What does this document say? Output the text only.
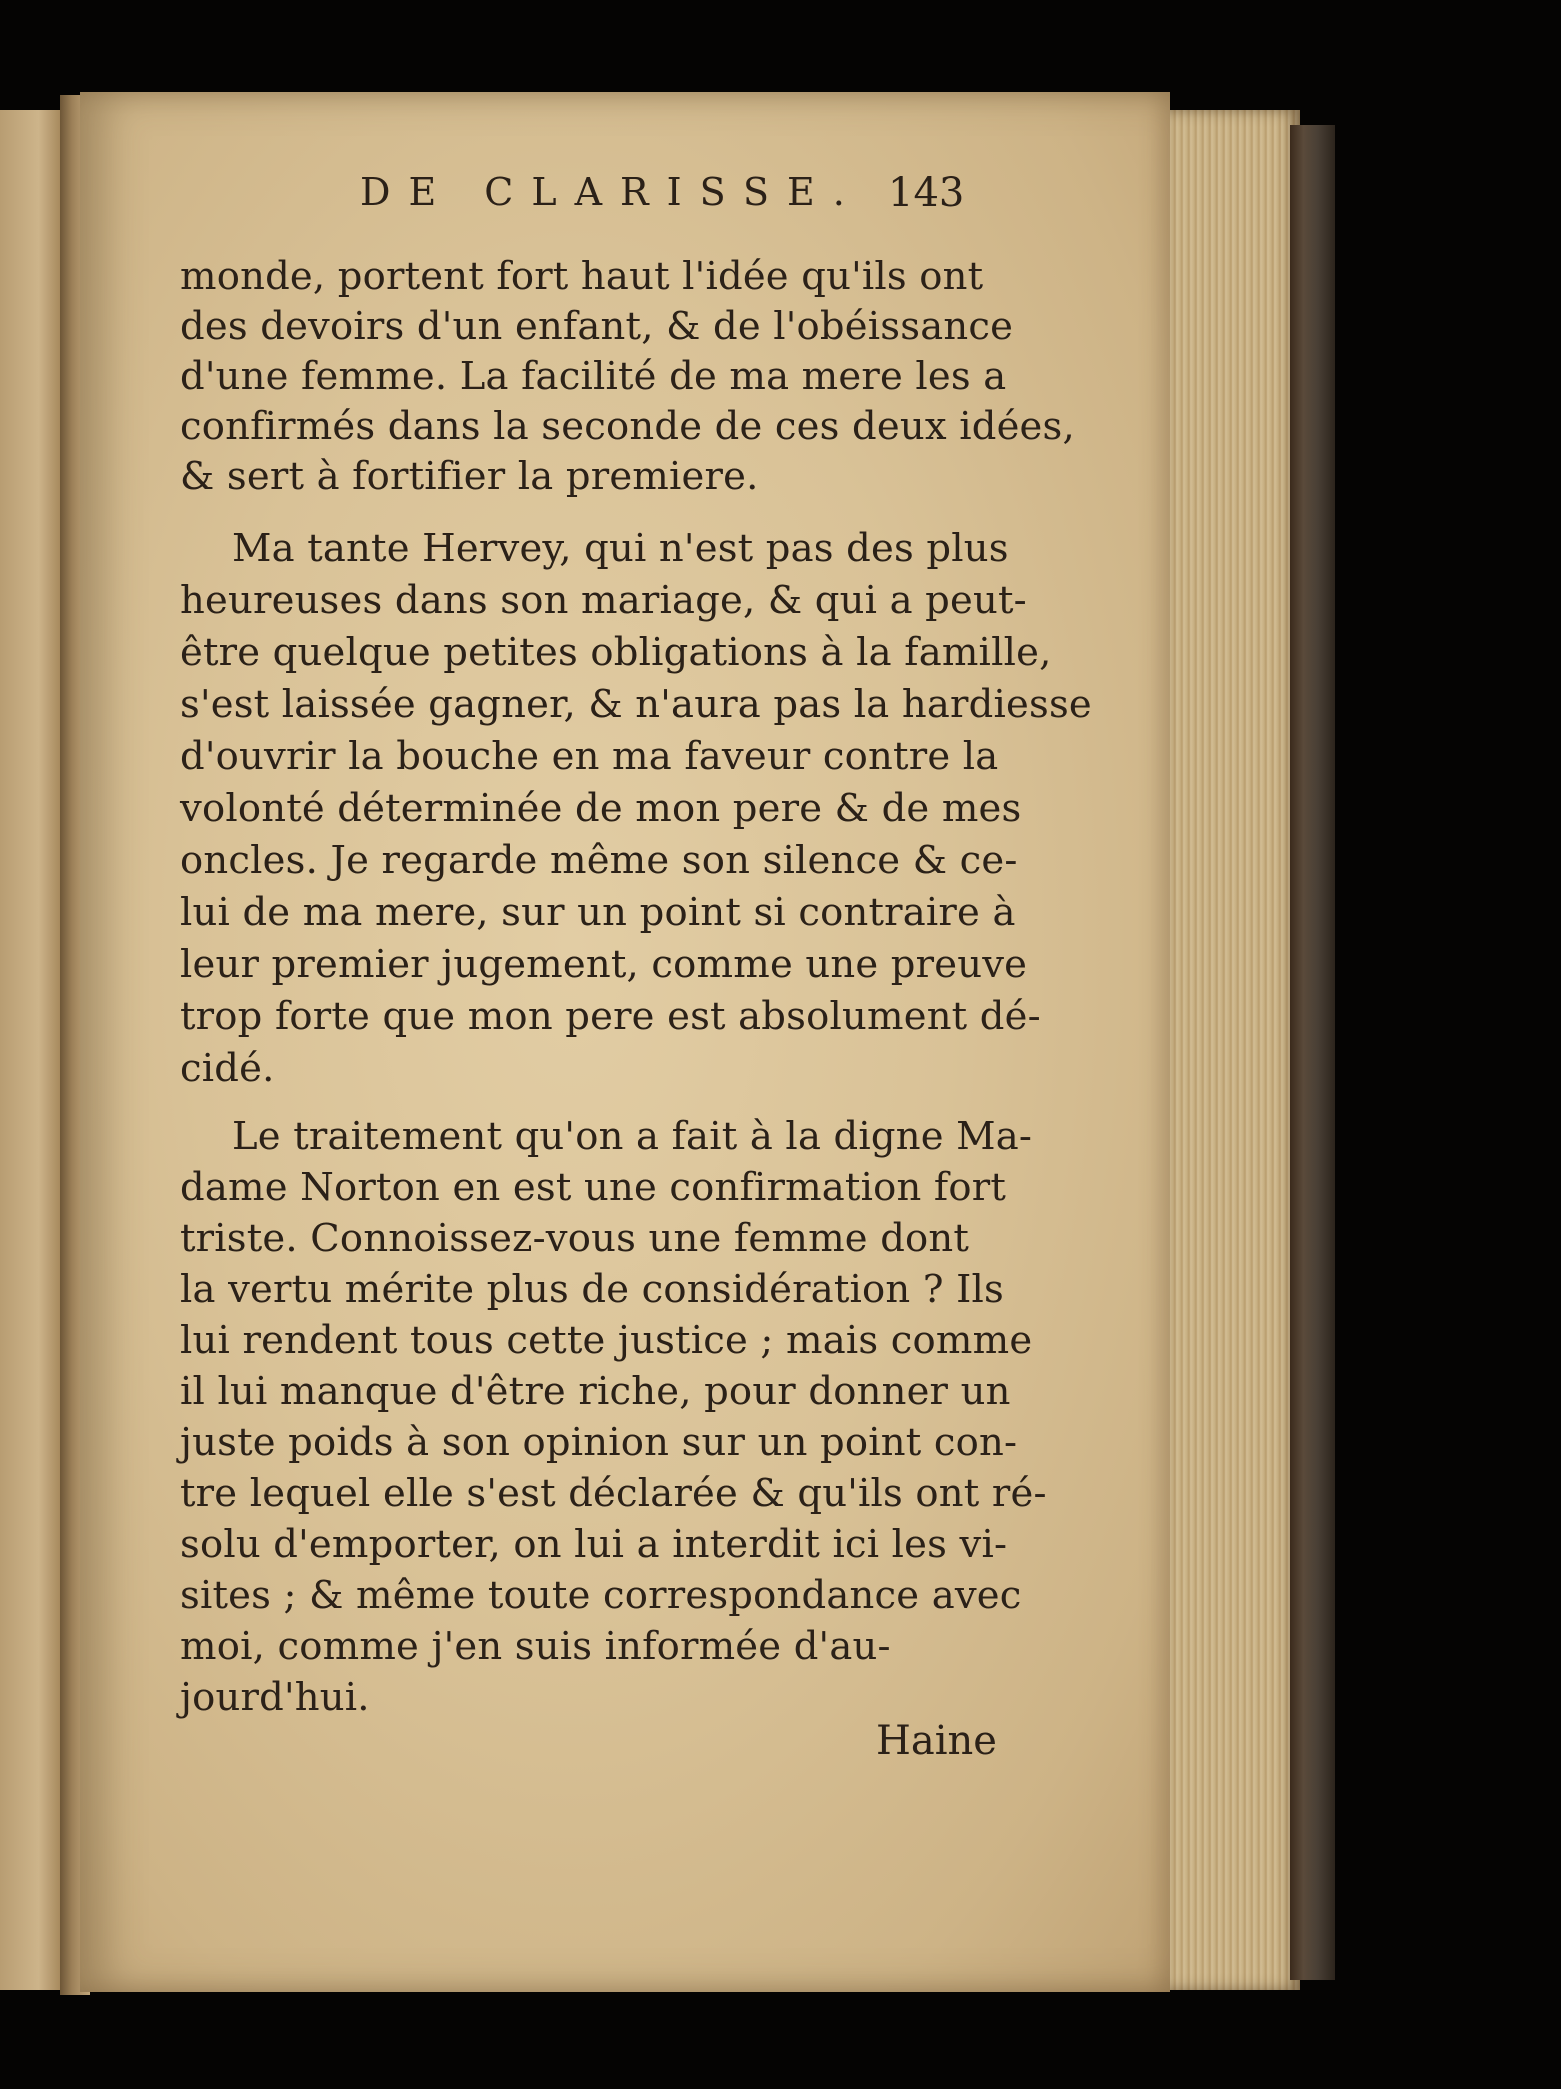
DE CLARISSE. 143
monde, portent fort haut l'idée qu'ils ont
des devoirs d'un enfant, & de l'obéissance
d'une femme. La facilité de ma mere les a
confirmés dans la seconde de ces deux idées,
& sert à fortifier la premiere.
Ma tante Hervey, qui n'est pas des plus
heureuses dans son mariage, & qui a peut-
être quelque petites obligations à la famille,
s'est laissée gagner, & n'aura pas la hardiesse
d'ouvrir la bouche en ma faveur contre la
volonté déterminée de mon pere & de mes
oncles. Je regarde même son silence & ce-
lui de ma mere, sur un point si contraire à
leur premier jugement, comme une preuve
trop forte que mon pere est absolument dé-
cidé.
Le traitement qu'on a fait à la digne Ma-
dame Norton en est une confirmation fort
triste. Connoissez-vous une femme dont
la vertu mérite plus de considération ? Ils
lui rendent tous cette justice ; mais comme
il lui manque d'être riche, pour donner un
juste poids à son opinion sur un point con-
tre lequel elle s'est déclarée & qu'ils ont ré-
solu d'emporter, on lui a interdit ici les vi-
sites ; & même toute correspondance avec
moi, comme j'en suis informée d'au-
jourd'hui.
Haine
